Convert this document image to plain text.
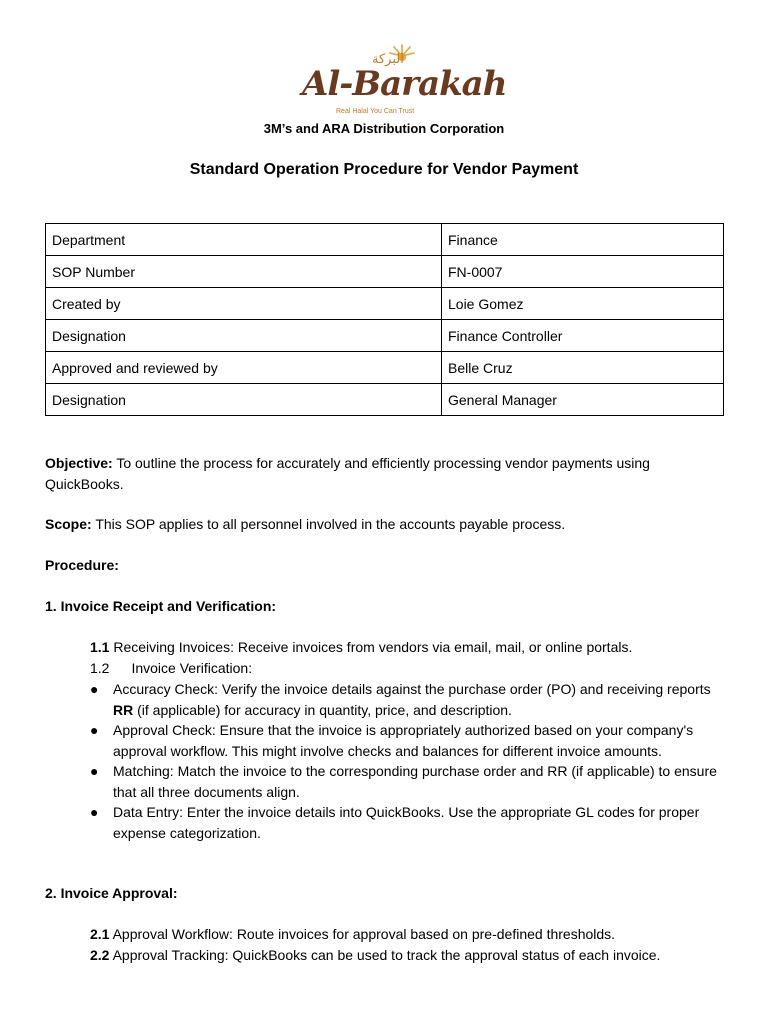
Al-Barakah
Real Halal You Can Trust
البركة
3M’s and ARA Distribution Corporation
Standard Operation Procedure for Vendor Payment
Department	Finance
SOP Number	FN-0007
Created by	Loie Gomez
Designation	Finance Controller
Approved and reviewed by	Belle Cruz
Designation	General Manager
Objective: To outline the process for accurately and efficiently processing vendor payments using QuickBooks.
Scope: This SOP applies to all personnel involved in the accounts payable process.
Procedure:
1. Invoice Receipt and Verification:
1.1 Receiving Invoices: Receive invoices from vendors via email, mail, or online portals.
1.2 Invoice Verification:
● Accuracy Check: Verify the invoice details against the purchase order (PO) and receiving reports RR (if applicable) for accuracy in quantity, price, and description.
● Approval Check: Ensure that the invoice is appropriately authorized based on your company's approval workflow. This might involve checks and balances for different invoice amounts.
● Matching: Match the invoice to the corresponding purchase order and RR (if applicable) to ensure that all three documents align.
● Data Entry: Enter the invoice details into QuickBooks. Use the appropriate GL codes for proper expense categorization.
2. Invoice Approval:
2.1 Approval Workflow: Route invoices for approval based on pre-defined thresholds.
2.2 Approval Tracking: QuickBooks can be used to track the approval status of each invoice.
